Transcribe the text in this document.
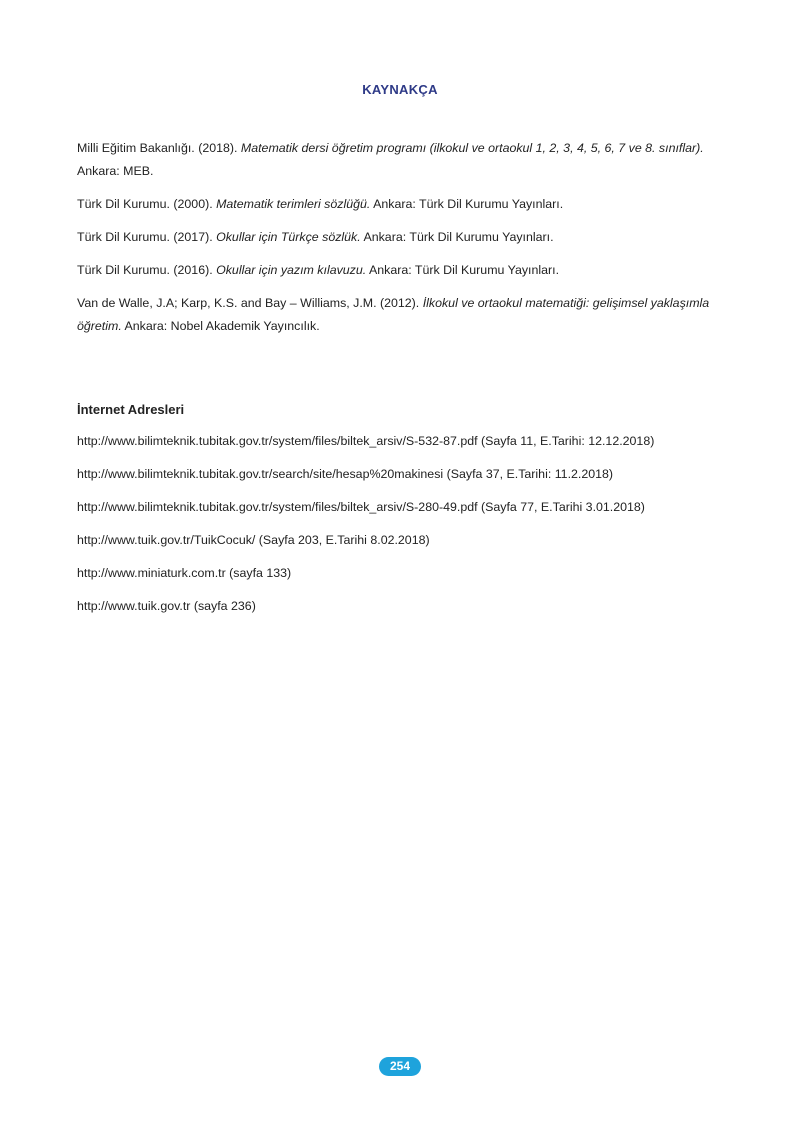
KAYNAKÇA

Milli Eğitim Bakanlığı. (2018). Matematik dersi öğretim programı (ilkokul ve ortaokul 1, 2, 3, 4, 5, 6, 7 ve 8. sınıflar). Ankara: MEB.

Türk Dil Kurumu. (2000). Matematik terimleri sözlüğü. Ankara: Türk Dil Kurumu Yayınları.

Türk Dil Kurumu. (2017). Okullar için Türkçe sözlük. Ankara: Türk Dil Kurumu Yayınları.

Türk Dil Kurumu. (2016). Okullar için yazım kılavuzu. Ankara: Türk Dil Kurumu Yayınları.

Van de Walle, J.A; Karp, K.S. and Bay – Williams, J.M. (2012). İlkokul ve ortaokul matematiği: gelişimsel yaklaşımla öğretim. Ankara: Nobel Akademik Yayıncılık.

İnternet Adresleri

http://www.bilimteknik.tubitak.gov.tr/system/files/biltek_arsiv/S-532-87.pdf (Sayfa 11, E.Tarihi: 12.12.2018)

http://www.bilimteknik.tubitak.gov.tr/search/site/hesap%20makinesi (Sayfa 37, E.Tarihi: 11.2.2018)

http://www.bilimteknik.tubitak.gov.tr/system/files/biltek_arsiv/S-280-49.pdf (Sayfa 77, E.Tarihi 3.01.2018)

http://www.tuik.gov.tr/TuikCocuk/ (Sayfa 203, E.Tarihi 8.02.2018)

http://www.miniaturk.com.tr (sayfa 133)

http://www.tuik.gov.tr (sayfa 236)

254
